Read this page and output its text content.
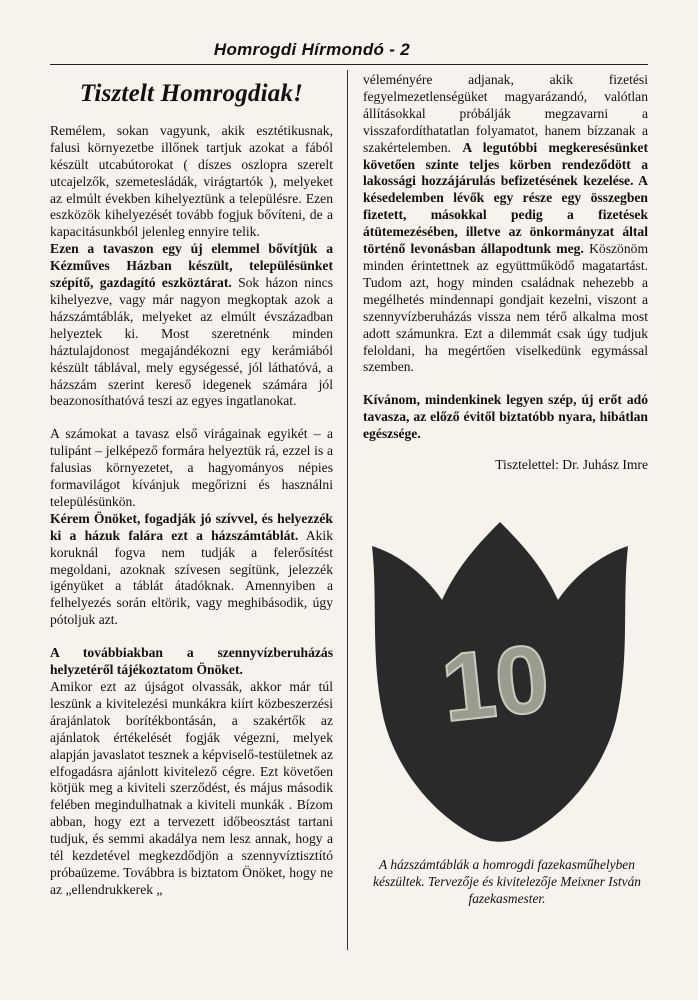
Homrogdi Hírmondó - 2
Tisztelt Homrogdiak!

Remélem, sokan vagyunk, akik esztétikusnak, falusi környezetbe illőnek tartjuk azokat a fából készült utcabútorokat ( díszes oszlopra szerelt utcajelzők, szemetesládák, virágtartók ), melyeket az elmúlt években kihelyeztünk a településre. Ezen eszközök kihelyezését tovább fogjuk bővíteni, de a kapacitásunkból jelenleg ennyire telik.

Ezen a tavaszon egy új elemmel bővítjük a Kézműves Házban készült, településünket szépítő, gazdagító eszköztárat. Sok házon nincs kihelyezve, vagy már nagyon megkoptak azok a házszámtáblák, melyeket az elmúlt évszázadban helyeztek ki. Most szeretnénk minden háztulajdonost megajándékozni egy kerámiából készült táblával, mely egységessé, jól láthatóvá, a házszám szerint kereső idegenek számára jól beazonosíthatóvá teszi az egyes ingatlanokat.

A számokat a tavasz első virágainak egyikét – a tulipánt – jelképező formára helyeztük rá, ezzel is a falusias környezetet, a hagyományos népies formavilágot kívánjuk megőrizni és használni településünkön.

Kérem Önöket, fogadják jó szívvel, és helyezzék ki a házuk falára ezt a házszámtáblát. Akik koruknál fogva nem tudják a felerősítést megoldani, azoknak szívesen segítünk, jelezzék igényüket a táblát átadóknak. Amennyiben a felhelyezés során eltörik, vagy meghibásodik, úgy pótoljuk azt.

A továbbiakban a szennyvízberuházás helyzetéről tájékoztatom Önöket.

Amikor ezt az újságot olvassák, akkor már túl leszünk a kivitelezési munkákra kiírt közbeszerzési árajánlatok borítékbontásán, a szakértők az ajánlatok értékelését fogják végezni, melyek alapján javaslatot tesznek a képviselő-testületnek az elfogadásra ajánlott kivitelező cégre. Ezt követően kötjük meg a kiviteli szerződést, és május második felében megindulhatnak a kiviteli munkák . Bízom abban, hogy ezt a tervezett időbeosztást tartani tudjuk, és semmi akadálya nem lesz annak, hogy a tél kezdetével megkezdődjön a szennyvíztisztító próbaüzeme. Továbbra is biztatom Önöket, hogy ne az „ellendrukkerek „

véleményére adjanak, akik fizetési fegyelmezetlenségüket magyarázandó, valótlan állításokkal próbálják megzavarni a visszafordíthatatlan folyamatot, hanem bízzanak a szakértelemben. A legutóbbi megkeresésünket követően szinte teljes körben rendeződött a lakossági hozzájárulás befizetésének kezelése. A késedelemben lévők egy része egy összegben fizetett, másokkal pedig a fizetések átütemezésében, illetve az önkormányzat által történő levonásban állapodtunk meg. Köszönöm minden érintettnek az együttműködő magatartást. Tudom azt, hogy minden családnak nehezebb a megélhetés mindennapi gondjait kezelni, viszont a szennyvízberuházás vissza nem térő alkalma most adott számunkra. Ezt a dilemmát csak úgy tudjuk feloldani, ha megértően viselkedünk egymással szemben.

Kívánom, mindenkinek legyen szép, új erőt adó tavasza, az előző évitől biztatóbb nyara, hibátlan egészsége.

Tisztelettel: Dr. Juhász Imre

10
A házszámtáblák a homrogdi fazekasműhelyben készültek. Tervezője és kivitelezője Meixner István fazekasmester.
